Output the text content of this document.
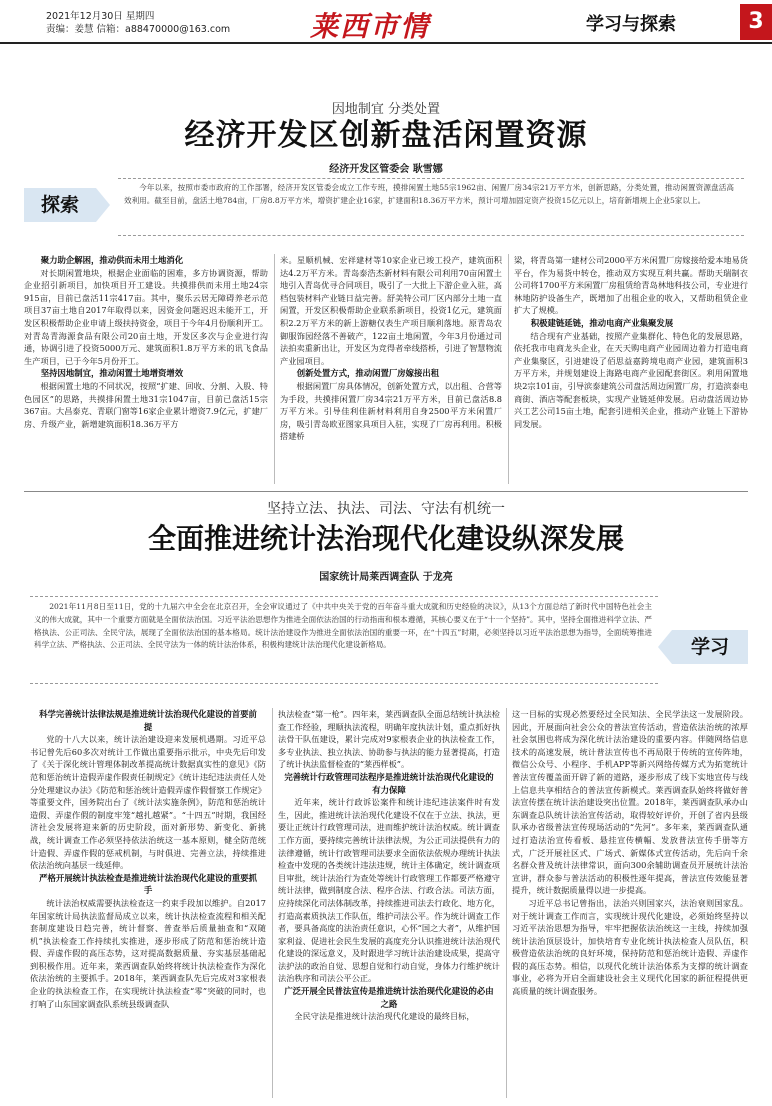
2021年12月30日 星期四
责编：姜慧 信箱：a88470000@163.com	莱西市情	学习与探索	3
因地制宜 分类处置
经济开发区创新盘活闲置资源
经济开发区管委会 耿雪娜
探索
今年以来，按照市委市政府的工作部署，经济开发区管委会成立工作专班，摸排闲置土地55宗1962亩、闲置厂房34宗21万平方米，创新思路，分类处置，推动闲置资源盘活高效利用。截至目前，盘活土地784亩，厂房8.8万平方米，增资扩建企业16家，扩建面积18.36万平方米，预计可增加固定资产投资15亿元以上，培育新增规上企业5家以上。
聚力助企解困，推动供而未用土地消化

对长期闲置地块，根据企业面临的困难，多方协调资源，帮助企业招引新项目，加快项目开工建设。共摸排供而未用土地24宗915亩，目前已盘活11宗417亩。其中，聚乐云居无障碍养老示范项目37亩土地自2017年取得以来，因资金问题迟迟未能开工，开发区积极帮助企业申请上级扶持资金，项目于今年4月份顺利开工。对青岛青海源食品有限公司20亩土地，开发区多次与企业进行沟通，协调引进了投资5000万元、建筑面积1.8万平方米的讯飞食品生产项目，已于今年5月份开工。

坚持因地制宜，推动闲置土地增资增效

根据闲置土地的不同状况，按照“扩建、回收、分割、入股、特色园区”的思路，共摸排闲置土地31宗1047亩，目前已盘活15宗367亩。大昌泰克、青联门窗等16家企业累计增资7.9亿元，扩建厂房、升级产业，新增建筑面积18.36万平方

米。星顺机械、宏祥建材等10家企业已竣工投产，建筑面积达4.2万平方米。青岛泰浩杰新材料有限公司利用70亩闲置土地引入青岛优寻合同项目，吸引了一大批上下游企业入驻，高档包装材料产业链日益完善。舒美特公司厂区内部分土地一直闲置，开发区积极帮助企业联系新项目，投资1亿元，建筑面积2.2万平方米的新上游糖仅表生产项目顺利落地。原青岛农御服饰园经落不善破产，122亩土地闲置，今年3月份通过司法拍卖重新出让，开发区为竞得者牵线搭桥，引进了智慧物流产业园项目。

创新处置方式，推动闲置厂房嫁接出租

根据闲置厂房具体情况，创新处置方式，以出租、合营等为手段，共摸排闲置厂房34宗21万平方米，目前已盘活8.8万平方米。引导佳利佳新材料利用自身2500平方米闲置厂房，吸引青岛欧亚图家具项目入驻，实现了厂房再利用。积极搭建桥

梁，将青岛第一建材公司2000平方米闲置厂房嫁接给爱本地易货平台，作为易货中转仓，推动双方实现互利共赢。帮助天瑞制衣公司将1700平方米闲置厂房租赁给青岛林地科技公司，专业进行林地防护设备生产，既增加了出租企业的收入，又帮助租赁企业扩大了规模。

积极建链延链，推动电商产业集聚发展

结合现有产业基础，按照产业集群化、特色化的发展思路，依托我市电商龙头企业，在天天购电商产业园周边着力打造电商产业集聚区，引进建设了佰思益嘉跨境电商产业园，建筑面积3万平方米，并规划建设上海路电商产业园配套街区。利用闲置地块2宗101亩，引导滨泰建筑公司盘活周边闲置厂房，打造滨泰电商街、酒店等配套板块，实现产业链延伸发展。启动盘活周边协兴工艺公司15亩土地，配套引进相关企业，推动产业链上下游协同发展。

坚持立法、执法、司法、守法有机统一
全面推进统计法治现代化建设纵深发展
国家统计局莱西调查队 于龙亮
2021年11月8日至11日，党的十九届六中全会在北京召开，全会审议通过了《中共中央关于党的百年奋斗重大成就和历史经验的决议》，从13个方面总结了新时代中国特色社会主义的伟大成就，其中一个重要方面就是全面依法治国。习近平法治思想作为推进全面依法治国的行动指南和根本遵循，其核心要义在于“十一个坚持”。其中，坚持全面推进科学立法、严格执法、公正司法、全民守法，展现了全面依法治国的基本格局。统计法治建设作为推进全面依法治国的重要一环，在“十四五”时期，必须坚持以习近平法治思想为指导，全面统筹推进科学立法、严格执法、公正司法、全民守法为一体的统计法治体系，积极构建统计法治现代化建设新格局。	学习
科学完善统计法律法规是推进统计法治现代化建设的首要前提

党的十八大以来，统计法治建设迎来发展机遇期。习近平总书记曾先后60多次对统计工作做出重要指示批示，中央先后印发了《关于深化统计管理体制改革提高统计数据真实性的意见》《防范和惩治统计造假弄虚作假责任制规定》《统计违纪违法责任人处分处理建议办法》《防范和惩治统计造假弄虚作假督察工作规定》等重要文件，国务院出台了《统计法实施条例》，防范和惩治统计造假、弄虚作假的制度牢笼“越扎越紧”。“十四五”时期，我国经济社会发展将迎来新的历史阶段，面对新形势、新变化、新挑战，统计调查工作必须坚持依法治统这一基本原则，健全防范统计造假、弄虚作假的惩戒机制，与时俱进、完善立法，持续推进依法治统向基层一线延伸。

严格开展统计执法检查是推进统计法治现代化建设的重要抓手

统计法治权威需要执法检查这一约束手段加以维护。自2017年国家统计局执法监督局成立以来，统计执法检查流程和相关配套制度建设日趋完善，统计督察、普查举后质量抽查和“双随机”执法检查工作持续扎实推进，逐步形成了防范和惩治统计造假、弄虚作假的高压态势，这对提高数据质量、夯实基层基础起到积极作用。近年来，莱西调查队始终将统计执法检查作为深化依法治统的主要抓手。2018年，莱西调查队先后完成对3家根表企业的执法检查工作，在实现统计执法检查“零”突破的同时，也打响了山东国家调查队系统县级调查队

执法检查“第一枪”。四年来，莱西调查队全面总结统计执法检查工作经验，理顺执法流程，明确年度执法计划，重点抓好执法骨干队伍建设，累计完成对9家根表企业的执法检查工作，多专业执法、独立执法、协助参与执法的能力显著提高，打造了统计执法监督检查的“莱西样板”。

完善统计行政管理司法程序是推进统计法治现代化建设的有力保障

近年来，统计行政诉讼案件和统计违纪违法案件时有发生，因此，推进统计法治现代化建设不仅在于立法、执法，更要让正统计行政管理司法，进而维护统计法治权威。统计调查工作方面，要持续完善统计法律法规，为公正司法提供有力的法律遵循，统计行政管理司法要求全面依法依规办理统计执法检查中发现的各类统计违法违规，统计主体确定，统计调查项目审批，统计法治行为查处等统计行政管理工作都要严格遵守统计法律，做到制度合法、程序合法、行政合法。司法方面，应持续深化司法体制改革，持续推进司法去行政化、地方化，打造高素质执法工作队伍，维护司法公平。作为统计调查工作者，要具备高度的法治责任意识，心怀“国之大者”，从维护国家利益、促进社会民生发展的高度充分认识推进统计法治现代化建设的深远意义，及时跟进学习统计法治建设成果，提高守法护法的政治自觉、思想自觉和行动自觉，身体力行维护统计法治秩序和司法公平公正。

广泛开展全民普法宣传是推进统计法治现代化建设的必由之路

全民守法是推进统计法治现代化建设的最终目标，

这一目标的实现必然要经过全民知法、全民学法这一发展阶段。因此，开展面向社会公众的普法宣传活动，营造依法治统的浓厚社会氛围也将成为深化统计法治建设的重要内容。伴随网络信息技术的高速发展，统计普法宣传也不再局限于传统的宣传阵地，微信公众号、小程序、手机APP等新兴网络传媒方式为拓宽统计普法宣传覆盖面开辟了新的道路，逐步形成了线下实地宣传与线上信息共享相结合的普法宣传新模式。莱西调查队始终将做好普法宣传摆在统计法治建设突出位置。2018年，莱西调查队承办山东调查总队统计法治宣传活动，取得较好评价，开创了省内县级队承办省级普法宣传现场活动的“先河”。多年来，莱西调查队通过打造法治宣传看板、悬挂宣传横幅、发放普法宣传手册等方式，广泛开展社区式、广场式、新媒体式宣传活动，先后向千余名群众普及统计法律常识，面向300余辅助调查员开展统计法治宣讲，群众参与普法活动的积极性逐年提高，普法宣传效能显著提升，统计数据质量得以进一步提高。

习近平总书记曾指出，法治兴则国家兴，法治衰则国家乱。对于统计调查工作而言，实现统计现代化建设，必须始终坚持以习近平法治思想为指导，牢牢把握依法治统这一主线，持续加强统计法治顶层设计，加快培育专业化统计执法检查人员队伍，积极营造依法治统的良好环境，保持防范和惩治统计造假、弄虚作假的高压态势。相信，以现代化统计法治体系为支撑的统计调查事业，必将为开启全面建设社会主义现代化国家的新征程提供更高质量的统计调查服务。
